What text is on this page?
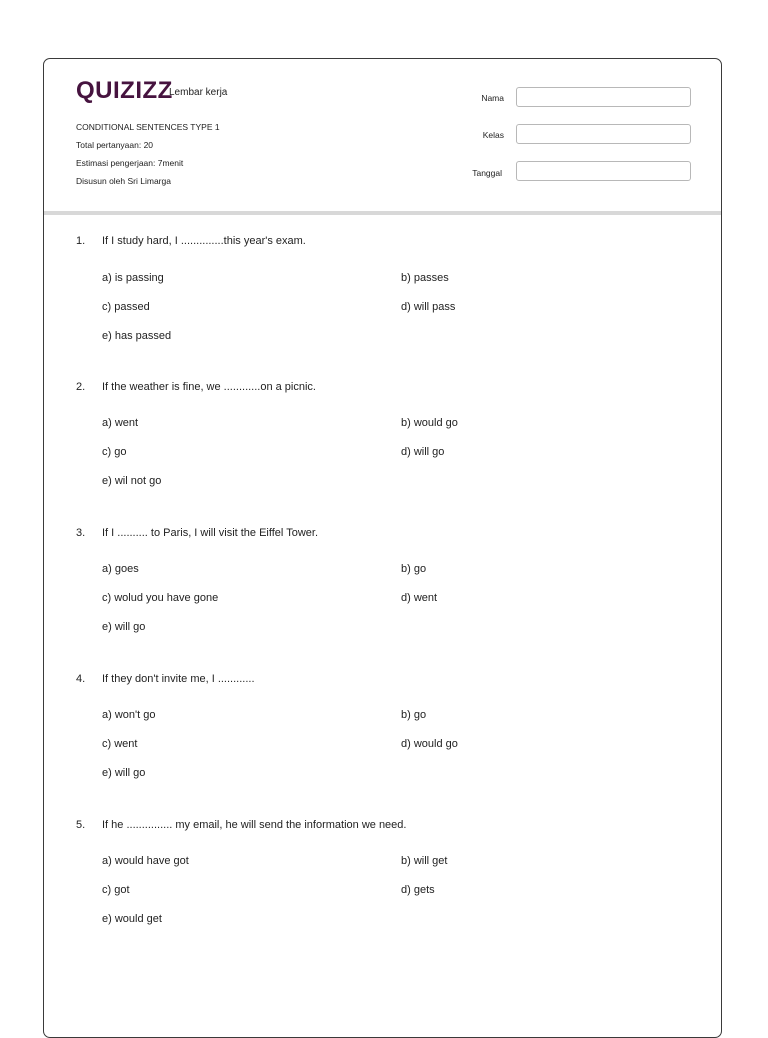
QUIZIZZ
Lembar kerja
CONDITIONAL SENTENCES TYPE 1
Total pertanyaan: 20
Estimasi pengerjaan: 7menit
Disusun oleh Sri Limarga
Nama
Kelas
Tanggal
1. If I study hard, I ..............this year's exam.
a) is passing	b) passes
c) passed	d) will pass
e) has passed
2. If the weather is fine, we ............on a picnic.
a) went	b) would go
c) go	d) will go
e) wil not go
3. If I .......... to Paris, I will visit the Eiffel Tower.
a) goes	b) go
c) wolud you have gone	d) went
e) will go
4. If they don't invite me, I ............
a) won't go	b) go
c) went	d) would go
e) will go
5. If he ............... my email, he will send the information we need.
a) would have got	b) will get
c) got	d) gets
e) would get
